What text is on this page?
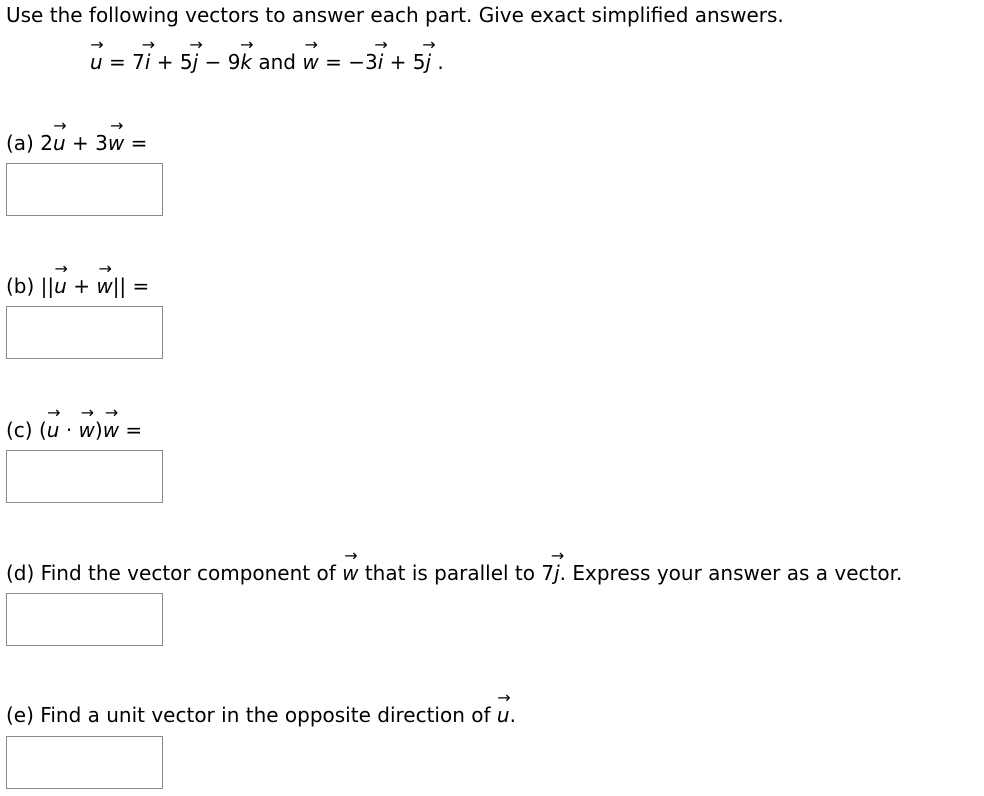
Use the following vectors to answer each part. Give exact simplified answers.
→ u = 7→ i + 5→ j − 9→ k and → w = −3→ i + 5→ j .
(a) 2→ u + 3→ w =
(b) ||→ u + → w|| =
(c) (→ u · → w)→ w =
(d) Find the vector component of → w that is parallel to 7→ j. Express your answer as a vector.
(e) Find a unit vector in the opposite direction of → u.
